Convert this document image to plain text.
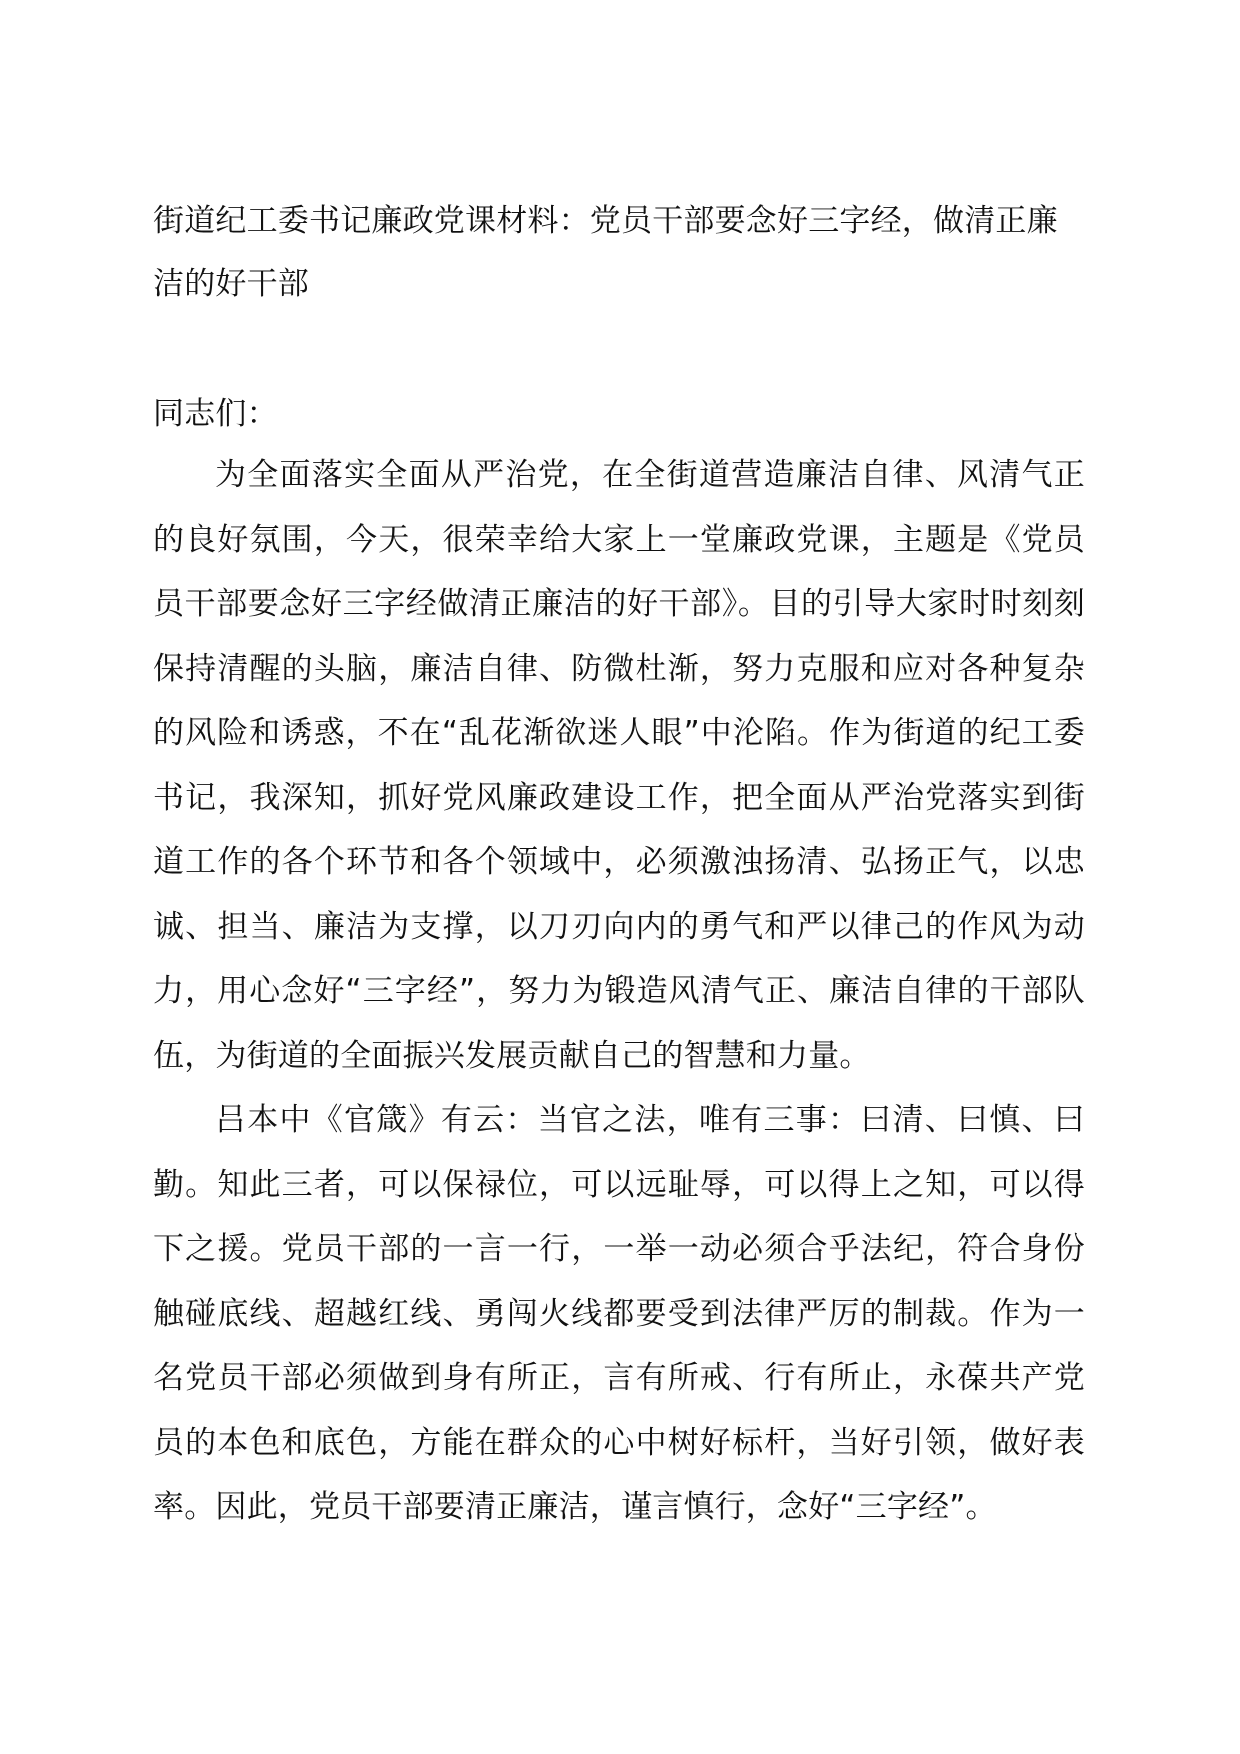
街道纪工委书记廉政党课材料：党员干部要念好三字经，做清正廉洁的好干部

同志们：

为全面落实全面从严治党，在全街道营造廉洁自律、风清气正的良好氛围，今天，很荣幸给大家上一堂廉政党课，主题是《党员员干部要念好三字经做清正廉洁的好干部》。目的引导大家时时刻刻保持清醒的头脑，廉洁自律、防微杜渐，努力克服和应对各种复杂的风险和诱惑，不在“乱花渐欲迷人眼”中沦陷。作为街道的纪工委书记，我深知，抓好党风廉政建设工作，把全面从严治党落实到街道工作的各个环节和各个领域中，必须激浊扬清、弘扬正气，以忠诚、担当、廉洁为支撑，以刀刃向内的勇气和严以律己的作风为动力，用心念好“三字经”，努力为锻造风清气正、廉洁自律的干部队伍，为街道的全面振兴发展贡献自己的智慧和力量。

吕本中《官箴》有云：当官之法，唯有三事：曰清、曰慎、曰勤。知此三者，可以保禄位，可以远耻辱，可以得上之知，可以得下之援。党员干部的一言一行，一举一动必须合乎法纪，符合身份触碰底线、超越红线、勇闯火线都要受到法律严厉的制裁。作为一名党员干部必须做到身有所正，言有所戒、行有所止，永葆共产党员的本色和底色，方能在群众的心中树好标杆，当好引领，做好表率。因此，党员干部要清正廉洁，谨言慎行，念好“三字经”。
